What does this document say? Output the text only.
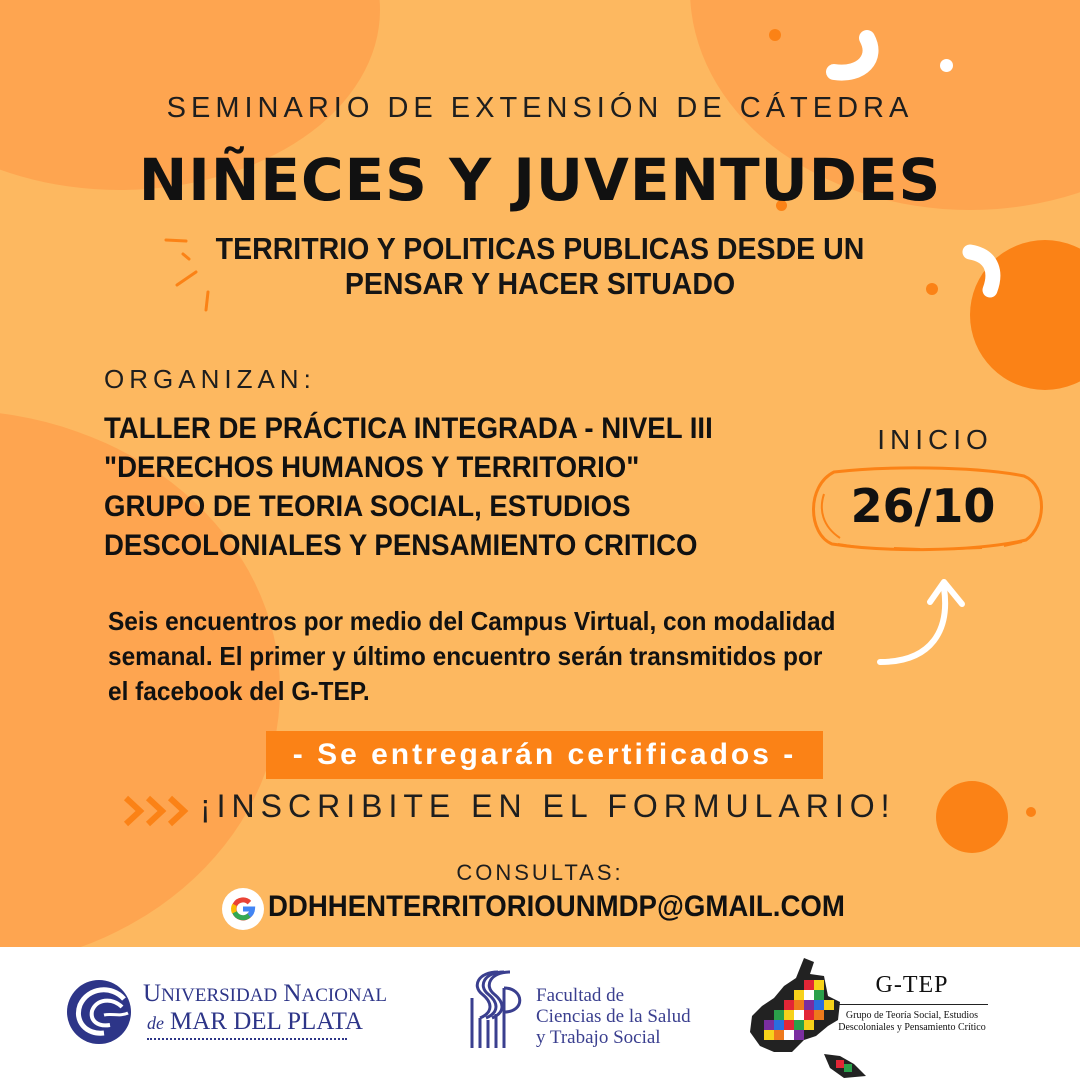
SEMINARIO DE EXTENSIÓN DE CÁTEDRA
NIÑECES Y JUVENTUDES
TERRITRIO Y POLITICAS PUBLICAS DESDE UN
PENSAR Y HACER SITUADO
ORGANIZAN:
TALLER DE PRÁCTICA INTEGRADA - NIVEL III
"DERECHOS HUMANOS Y TERRITORIO"
GRUPO DE TEORIA SOCIAL, ESTUDIOS
DESCOLONIALES Y PENSAMIENTO CRITICO
INICIO
26/10
Seis encuentros por medio del Campus Virtual, con modalidad
semanal. El primer y último encuentro serán transmitidos por
el facebook del G-TEP.
- Se entregarán certificados -
¡INSCRIBITE EN EL FORMULARIO!
CONSULTAS:
DDHHENTERRITORIOUNMDP@GMAIL.COM
UNIVERSIDAD NACIONAL
de MAR DEL PLATA
Facultad de
Ciencias de la Salud
y Trabajo Social
G-TEP
Grupo de Teoría Social, Estudios
Descoloniales y Pensamiento Crítico
